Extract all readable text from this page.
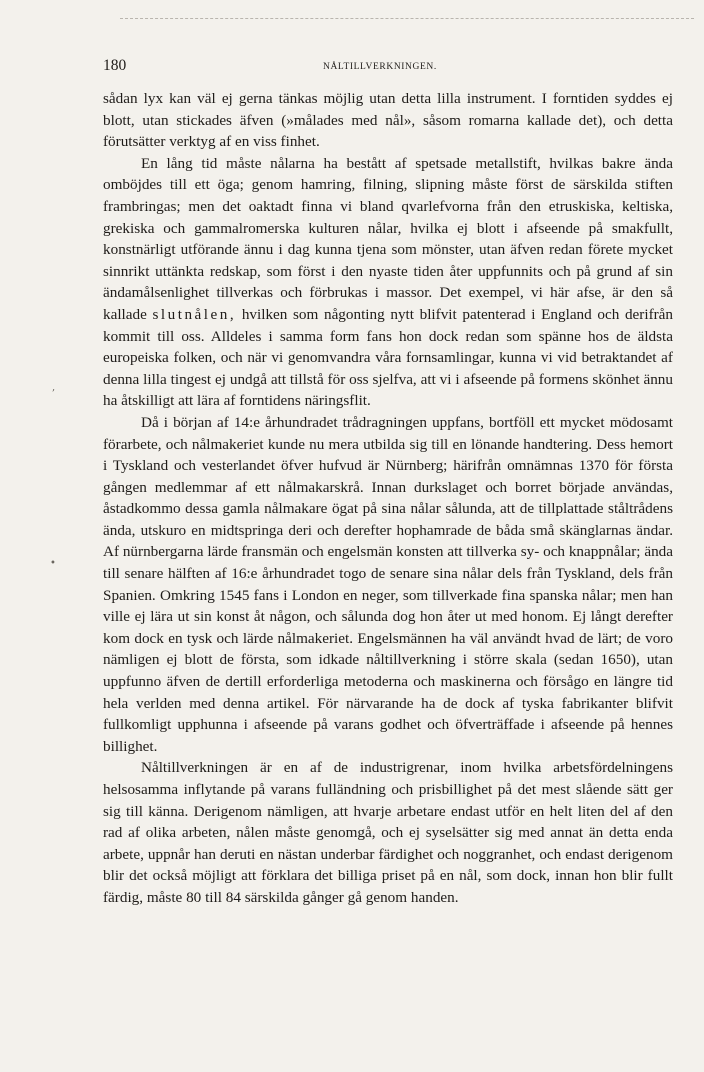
180	NÅLTILLVERKNINGEN.

sådan lyx kan väl ej gerna tänkas möjlig utan detta lilla instrument. I forntiden syddes ej blott, utan stickades äfven (»målades med nål», såsom romarna kallade det), och detta förutsätter verktyg af en viss finhet.

En lång tid måste nålarna ha bestått af spetsade metallstift, hvilkas bakre ända omböjdes till ett öga; genom hamring, filning, slipning måste först de särskilda stiften frambringas; men det oaktadt finna vi bland qvarlefvorna från den etruskiska, keltiska, grekiska och gammalromerska kulturen nålar, hvilka ej blott i afseende på smakfullt, konstnärligt utförande ännu i dag kunna tjena som mönster, utan äfven redan förete mycket sinnrikt uttänkta redskap, som först i den nyaste tiden åter uppfunnits och på grund af sin ändamålsenlighet tillverkas och förbrukas i massor. Det exempel, vi här afse, är den så kallade slutnålen, hvilken som någonting nytt blifvit patenterad i England och derifrån kommit till oss. Alldeles i samma form fans hon dock redan som spänne hos de äldsta europeiska folken, och när vi genomvandra våra fornsamlingar, kunna vi vid betraktandet af denna lilla tingest ej undgå att tillstå för oss sjelfva, att vi i afseende på formens skönhet ännu ha åtskilligt att lära af forntidens näringsflit.

Då i början af 14:e århundradet trådragningen uppfans, bortföll ett mycket mödosamt förarbete, och nålmakeriet kunde nu mera utbilda sig till en lönande handtering. Dess hemort i Tyskland och vesterlandet öfver hufvud är Nürnberg; härifrån omnämnas 1370 för första gången medlemmar af ett nålmakarskrå. Innan durkslaget och borret började användas, åstadkommo dessa gamla nålmakare ögat på sina nålar sålunda, att de tillplattade ståltrådens ända, utskuro en midtspringa deri och derefter hophamrade de båda små skänglarnas ändar. Af nürnbergarna lärde fransmän och engelsmän konsten att tillverka sy- och knappnålar; ända till senare hälften af 16:e århundradet togo de senare sina nålar dels från Tyskland, dels från Spanien. Omkring 1545 fans i London en neger, som tillverkade fina spanska nålar; men han ville ej lära ut sin konst åt någon, och sålunda dog hon åter ut med honom. Ej långt derefter kom dock en tysk och lärde nålmakeriet. Engelsmännen ha väl användt hvad de lärt; de voro nämligen ej blott de första, som idkade nåltillverkning i större skala (sedan 1650), utan uppfunno äfven de dertill erforderliga metoderna och maskinerna och försågo en längre tid hela verlden med denna artikel. För närvarande ha de dock af tyska fabrikanter blifvit fullkomligt upphunna i afseende på varans godhet och öfverträffade i afseende på hennes billighet.

Nåltillverkningen är en af de industrigrenar, inom hvilka arbetsfördelningens helsosamma inflytande på varans fulländning och prisbillighet på det mest slående sätt ger sig till känna. Derigenom nämligen, att hvarje arbetare endast utför en helt liten del af den rad af olika arbeten, nålen måste genomgå, och ej syselsätter sig med annat än detta enda arbete, uppnår han deruti en nästan underbar färdighet och noggranhet, och endast derigenom blir det också möjligt att förklara det billiga priset på en nål, som dock, innan hon blir fullt färdig, måste 80 till 84 särskilda gånger gå genom handen.

,
•
